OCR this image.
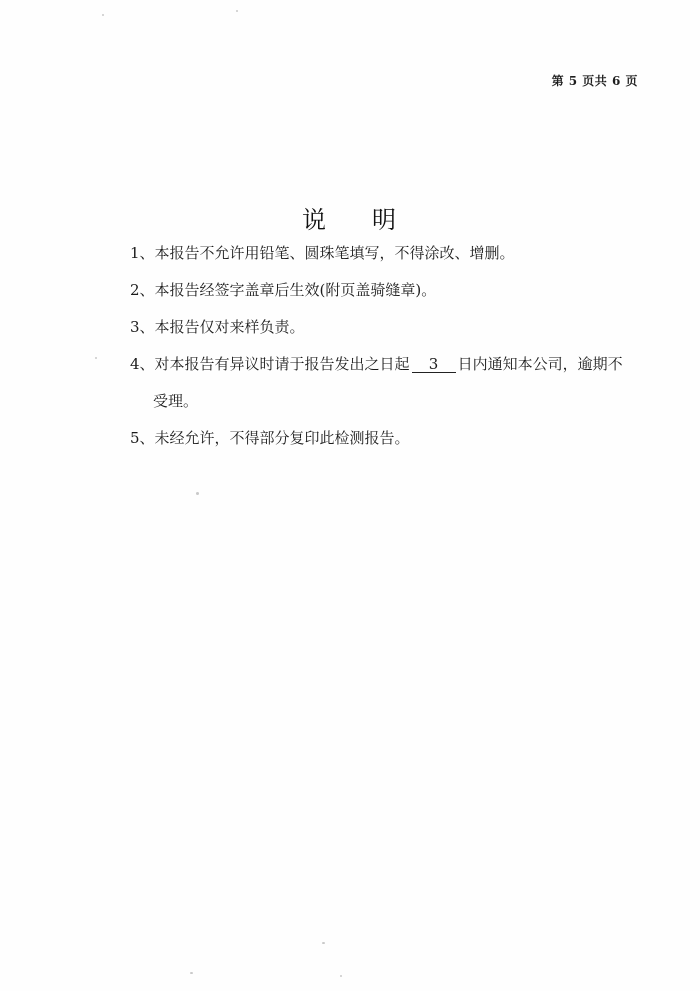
第 5 页共 6 页
说 明
1、本报告不允许用铅笔、圆珠笔填写，不得涂改、增删。
2、本报告经签字盖章后生效(附页盖骑缝章)。
3、本报告仅对来样负责。
4、对本报告有异议时请于报告发出之日起 3 日内通知本公司，逾期不
受理。
5、未经允许，不得部分复印此检测报告。
